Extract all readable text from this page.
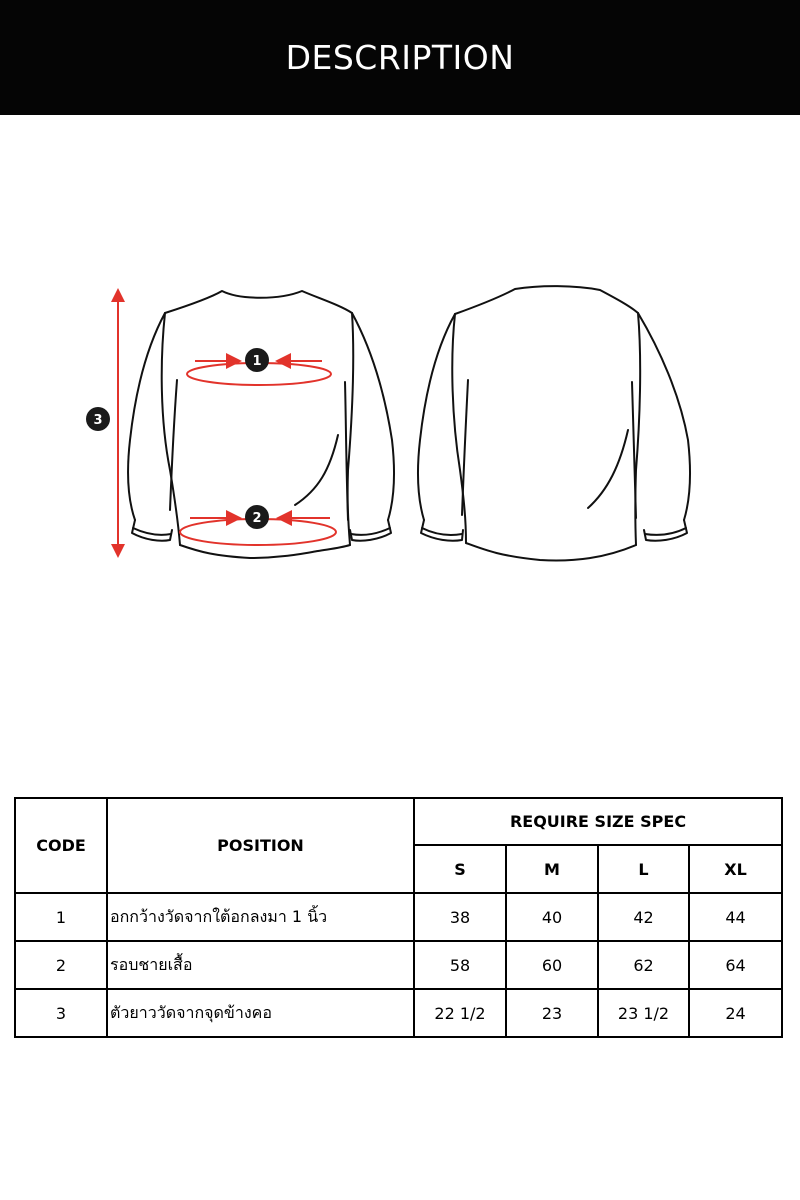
DESCRIPTION
1
2
3
CODE	POSITION	REQUIRE SIZE SPEC			
		S	M	L	XL
1	อกกว้างวัดจากใต้อกลงมา 1 นิ้ว	38	40	42	44
2	รอบชายเสื้อ	58	60	62	64
3	ตัวยาววัดจากจุดข้างคอ	22 1/2	23	23 1/2	24
